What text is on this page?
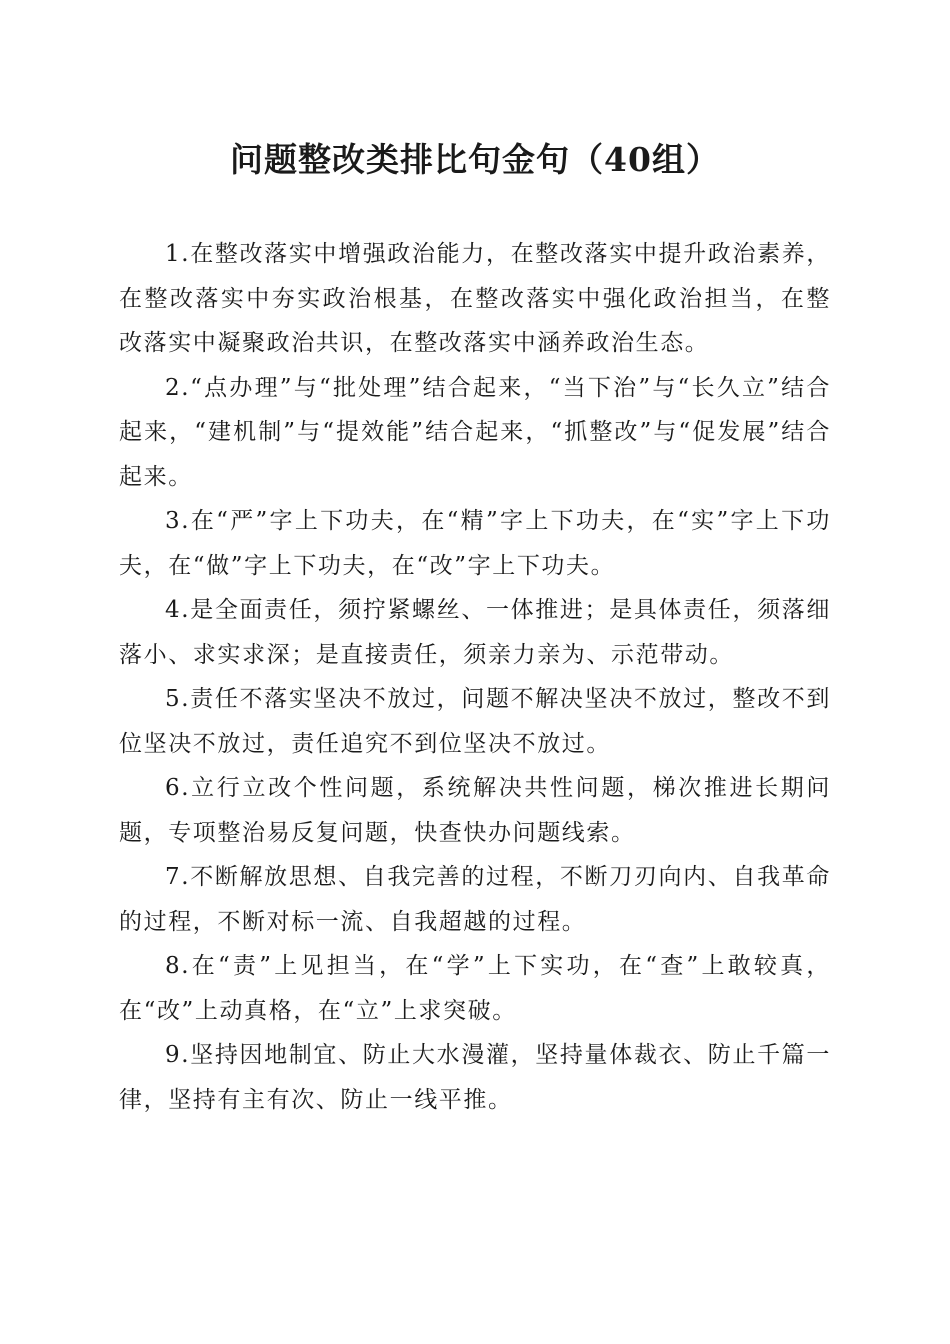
问题整改类排比句金句（40组）

1.在整改落实中增强政治能力，在整改落实中提升政治素养，在整改落实中夯实政治根基，在整改落实中强化政治担当，在整改落实中凝聚政治共识，在整改落实中涵养政治生态。

2.“点办理”与“批处理”结合起来，“当下治”与“长久立”结合起来，“建机制”与“提效能”结合起来，“抓整改”与“促发展”结合起来。

3.在“严”字上下功夫，在“精”字上下功夫，在“实”字上下功夫，在“做”字上下功夫，在“改”字上下功夫。

4.是全面责任，须拧紧螺丝、一体推进；是具体责任，须落细落小、求实求深；是直接责任，须亲力亲为、示范带动。

5.责任不落实坚决不放过，问题不解决坚决不放过，整改不到位坚决不放过，责任追究不到位坚决不放过。

6.立行立改个性问题，系统解决共性问题，梯次推进长期问题，专项整治易反复问题，快查快办问题线索。

7.不断解放思想、自我完善的过程，不断刀刃向内、自我革命的过程，不断对标一流、自我超越的过程。

8.在“责”上见担当，在“学”上下实功，在“查”上敢较真，在“改”上动真格，在“立”上求突破。

9.坚持因地制宜、防止大水漫灌，坚持量体裁衣、防止千篇一律，坚持有主有次、防止一线平推。
